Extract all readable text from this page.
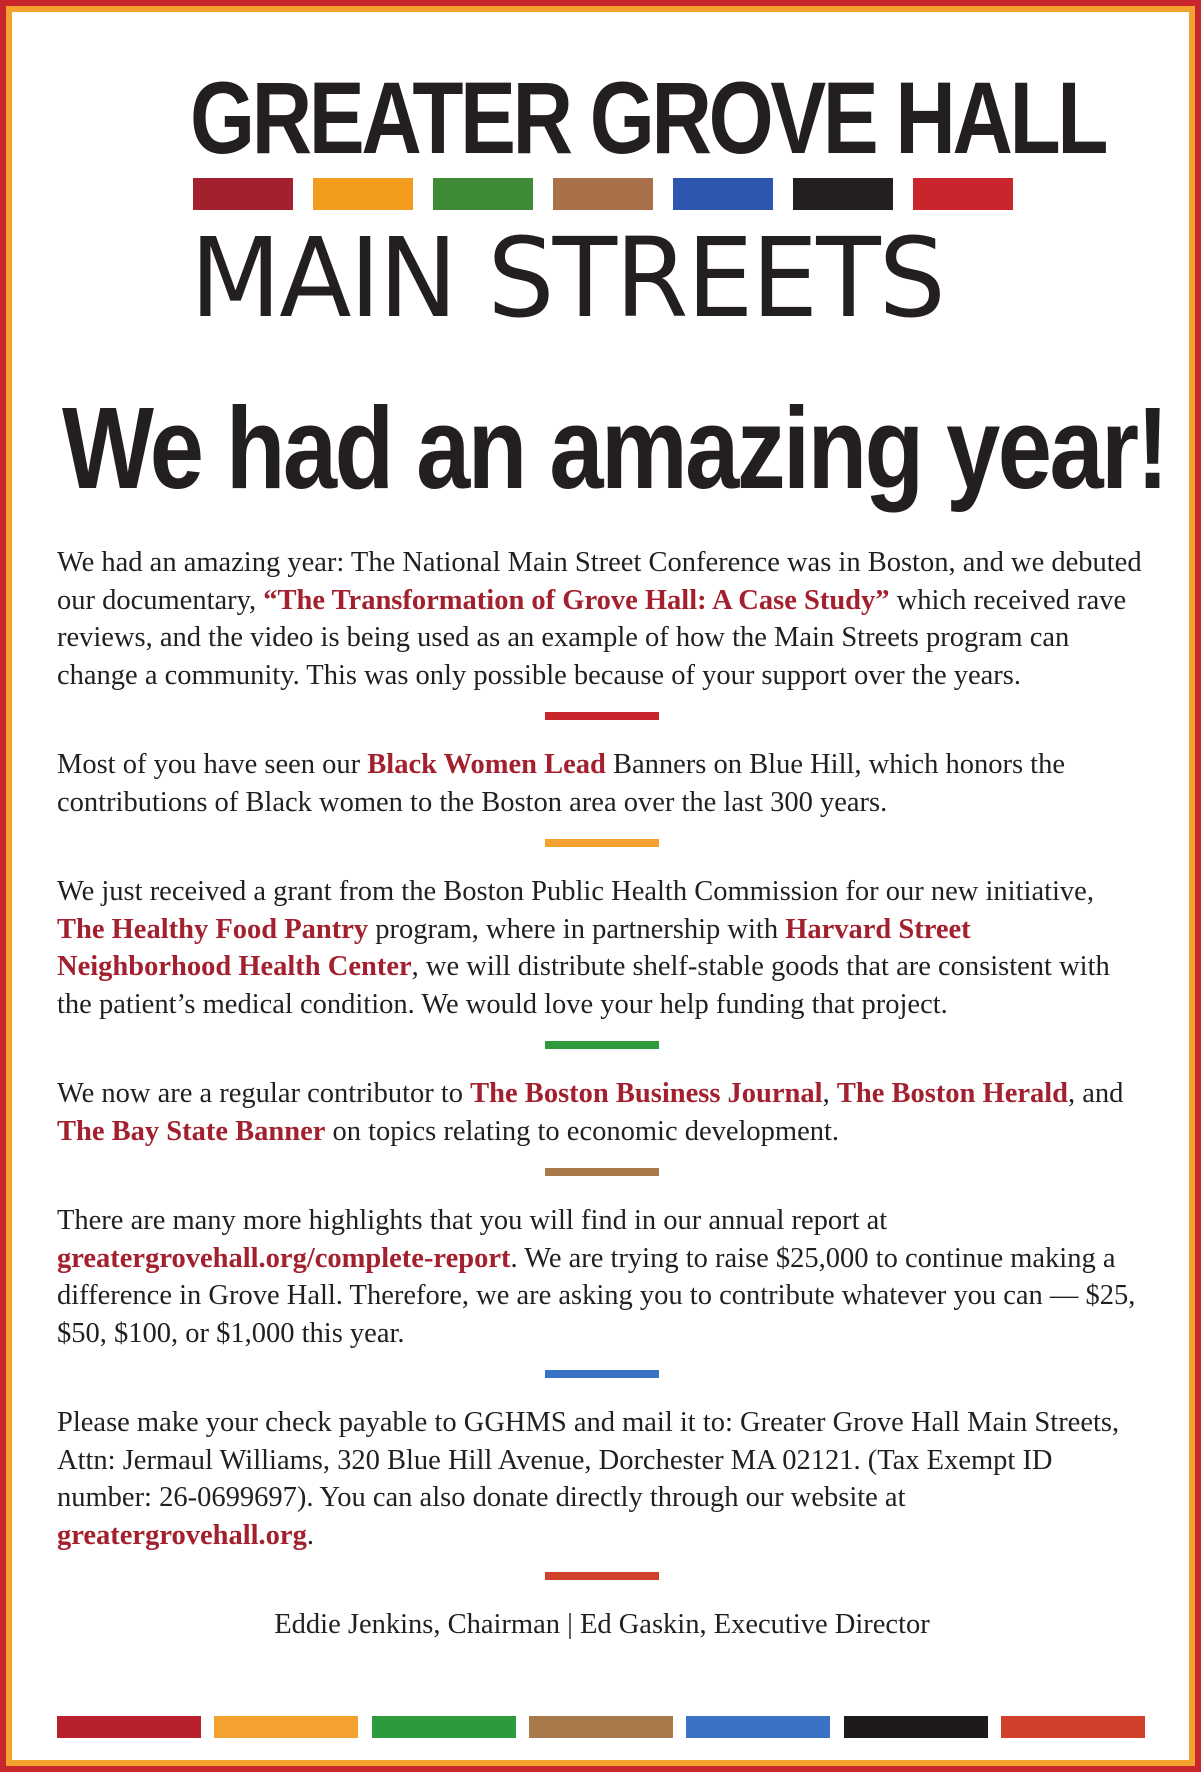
GREATER GROVE HALL
MAIN STREETS
We had an amazing year!

We had an amazing year: The National Main Street Conference was in Boston, and we debuted our documentary, “The Transformation of Grove Hall: A Case Study” which received rave reviews, and the video is being used as an example of how the Main Streets program can change a community. This was only possible because of your support over the years.

Most of you have seen our Black Women Lead Banners on Blue Hill, which honors the contributions of Black women to the Boston area over the last 300 years.

We just received a grant from the Boston Public Health Commission for our new initiative, The Healthy Food Pantry program, where in partnership with Harvard Street Neighborhood Health Center, we will distribute shelf-stable goods that are consistent with the patient’s medical condition. We would love your help funding that project.

We now are a regular contributor to The Boston Business Journal, The Boston Herald, and The Bay State Banner on topics relating to economic development.

There are many more highlights that you will find in our annual report at greatergrovehall.org/complete-report. We are trying to raise $25,000 to continue making a difference in Grove Hall. Therefore, we are asking you to contribute whatever you can — $25, $50, $100, or $1,000 this year.

Please make your check payable to GGHMS and mail it to: Greater Grove Hall Main Streets, Attn: Jermaul Williams, 320 Blue Hill Avenue, Dorchester MA 02121. (Tax Exempt ID number: 26-0699697). You can also donate directly through our website at greatergrovehall.org.

Eddie Jenkins, Chairman | Ed Gaskin, Executive Director
